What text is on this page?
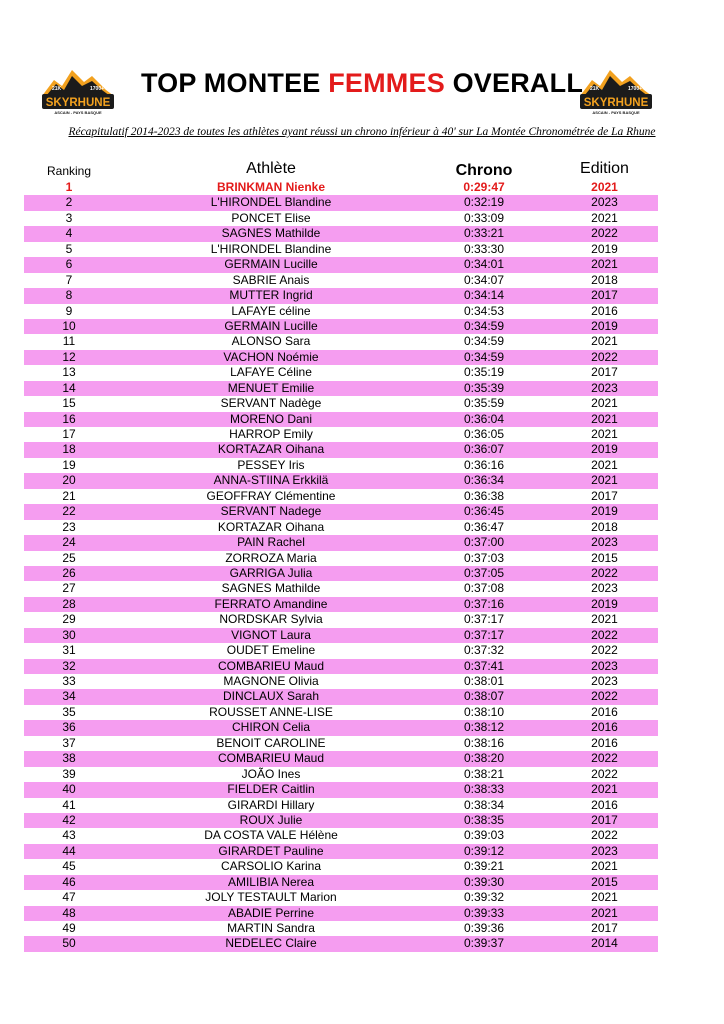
21K	1700+
SKYRHUNE
ASCAIN - PAYS BASQUE
21K	1700+
SKYRHUNE
ASCAIN - PAYS BASQUE
TOP MONTEE FEMMES OVERALL
Récapitulatif 2014-2023 de toutes les athlètes ayant réussi un chrono inférieur à 40' sur La Montée Chronométrée de La Rhune
Ranking	Athlète	Chrono	Edition
1	BRINKMAN Nienke	0:29:47	2021
2	L'HIRONDEL Blandine	0:32:19	2023
3	PONCET Elise	0:33:09	2021
4	SAGNES Mathilde	0:33:21	2022
5	L'HIRONDEL Blandine	0:33:30	2019
6	GERMAIN Lucille	0:34:01	2021
7	SABRIE Anais	0:34:07	2018
8	MUTTER Ingrid	0:34:14	2017
9	LAFAYE céline	0:34:53	2016
10	GERMAIN Lucille	0:34:59	2019
11	ALONSO Sara	0:34:59	2021
12	VACHON Noémie	0:34:59	2022
13	LAFAYE Céline	0:35:19	2017
14	MENUET Emilie	0:35:39	2023
15	SERVANT Nadège	0:35:59	2021
16	MORENO Dani	0:36:04	2021
17	HARROP Emily	0:36:05	2021
18	KORTAZAR Oihana	0:36:07	2019
19	PESSEY Iris	0:36:16	2021
20	ANNA-STIINA Erkkilä	0:36:34	2021
21	GEOFFRAY Clémentine	0:36:38	2017
22	SERVANT Nadege	0:36:45	2019
23	KORTAZAR Oihana	0:36:47	2018
24	PAIN Rachel	0:37:00	2023
25	ZORROZA Maria	0:37:03	2015
26	GARRIGA Julia	0:37:05	2022
27	SAGNES Mathilde	0:37:08	2023
28	FERRATO Amandine	0:37:16	2019
29	NORDSKAR Sylvia	0:37:17	2021
30	VIGNOT Laura	0:37:17	2022
31	OUDET Emeline	0:37:32	2022
32	COMBARIEU Maud	0:37:41	2023
33	MAGNONE Olivia	0:38:01	2023
34	DINCLAUX Sarah	0:38:07	2022
35	ROUSSET ANNE-LISE	0:38:10	2016
36	CHIRON Celia	0:38:12	2016
37	BENOIT CAROLINE	0:38:16	2016
38	COMBARIEU Maud	0:38:20	2022
39	JOÃO Ines	0:38:21	2022
40	FIELDER Caitlin	0:38:33	2021
41	GIRARDI Hillary	0:38:34	2016
42	ROUX Julie	0:38:35	2017
43	DA COSTA VALE Hélène	0:39:03	2022
44	GIRARDET Pauline	0:39:12	2023
45	CARSOLIO Karina	0:39:21	2021
46	AMILIBIA Nerea	0:39:30	2015
47	JOLY TESTAULT Marion	0:39:32	2021
48	ABADIE Perrine	0:39:33	2021
49	MARTIN Sandra	0:39:36	2017
50	NEDELEC Claire	0:39:37	2014
